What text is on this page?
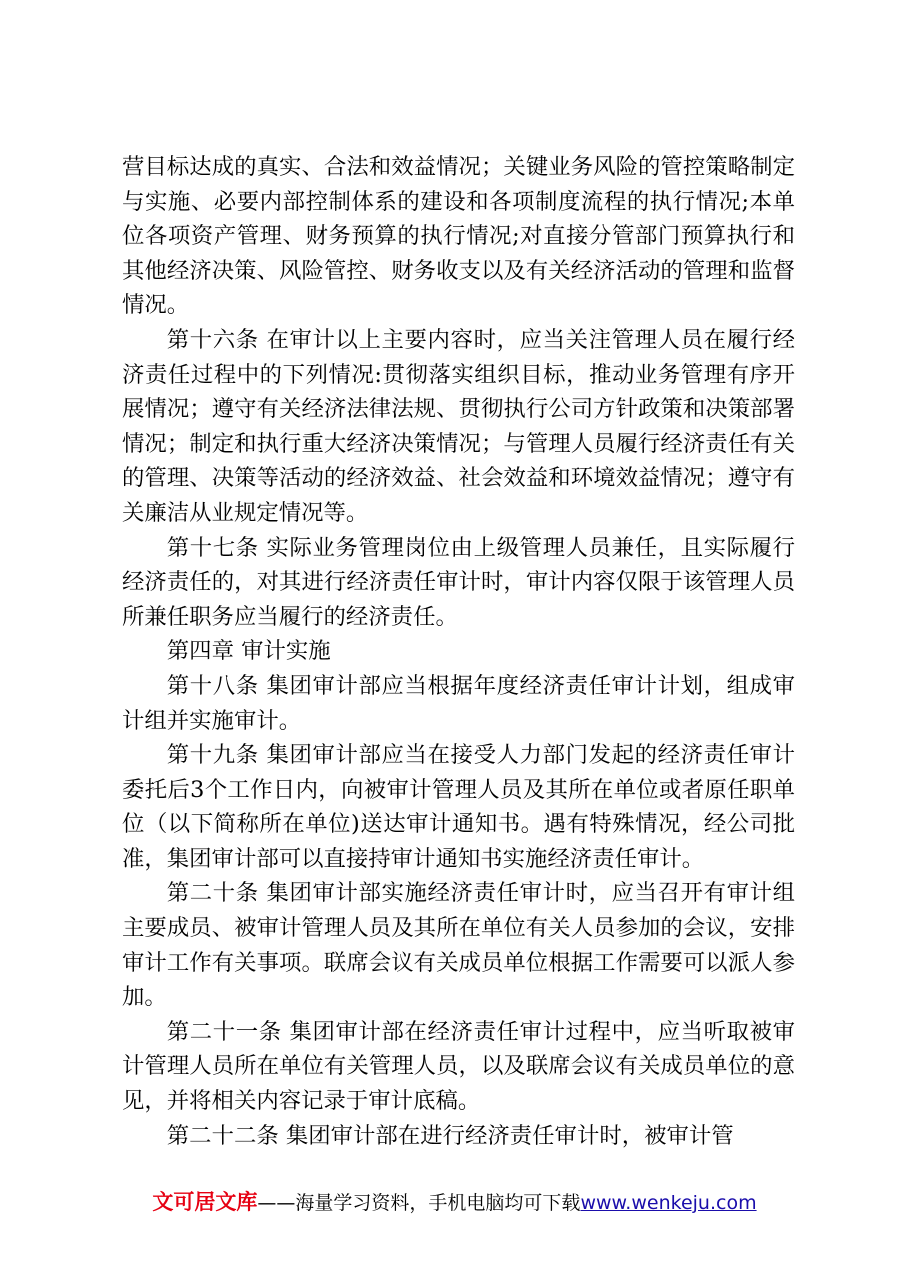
营目标达成的真实、合法和效益情况；关键业务风险的管控策略制定与实施、必要内部控制体系的建设和各项制度流程的执行情况;本单位各项资产管理、财务预算的执行情况;对直接分管部门预算执行和其他经济决策、风险管控、财务收支以及有关经济活动的管理和监督情况。

第十六条 在审计以上主要内容时，应当关注管理人员在履行经济责任过程中的下列情况:贯彻落实组织目标，推动业务管理有序开展情况；遵守有关经济法律法规、贯彻执行公司方针政策和决策部署情况；制定和执行重大经济决策情况；与管理人员履行经济责任有关的管理、决策等活动的经济效益、社会效益和环境效益情况；遵守有关廉洁从业规定情况等。

第十七条 实际业务管理岗位由上级管理人员兼任，且实际履行经济责任的，对其进行经济责任审计时，审计内容仅限于该管理人员所兼任职务应当履行的经济责任。

第四章 审计实施

第十八条 集团审计部应当根据年度经济责任审计计划，组成审计组并实施审计。

第十九条 集团审计部应当在接受人力部门发起的经济责任审计委托后3个工作日内，向被审计管理人员及其所在单位或者原任职单位（以下简称所在单位)送达审计通知书。遇有特殊情况，经公司批准，集团审计部可以直接持审计通知书实施经济责任审计。

第二十条 集团审计部实施经济责任审计时，应当召开有审计组主要成员、被审计管理人员及其所在单位有关人员参加的会议，安排审计工作有关事项。联席会议有关成员单位根据工作需要可以派人参加。

第二十一条 集团审计部在经济责任审计过程中，应当听取被审计管理人员所在单位有关管理人员，以及联席会议有关成员单位的意见，并将相关内容记录于审计底稿。

第二十二条 集团审计部在进行经济责任审计时，被审计管

文可居文库——海量学习资料，手机电脑均可下载www.wenkeju.com
